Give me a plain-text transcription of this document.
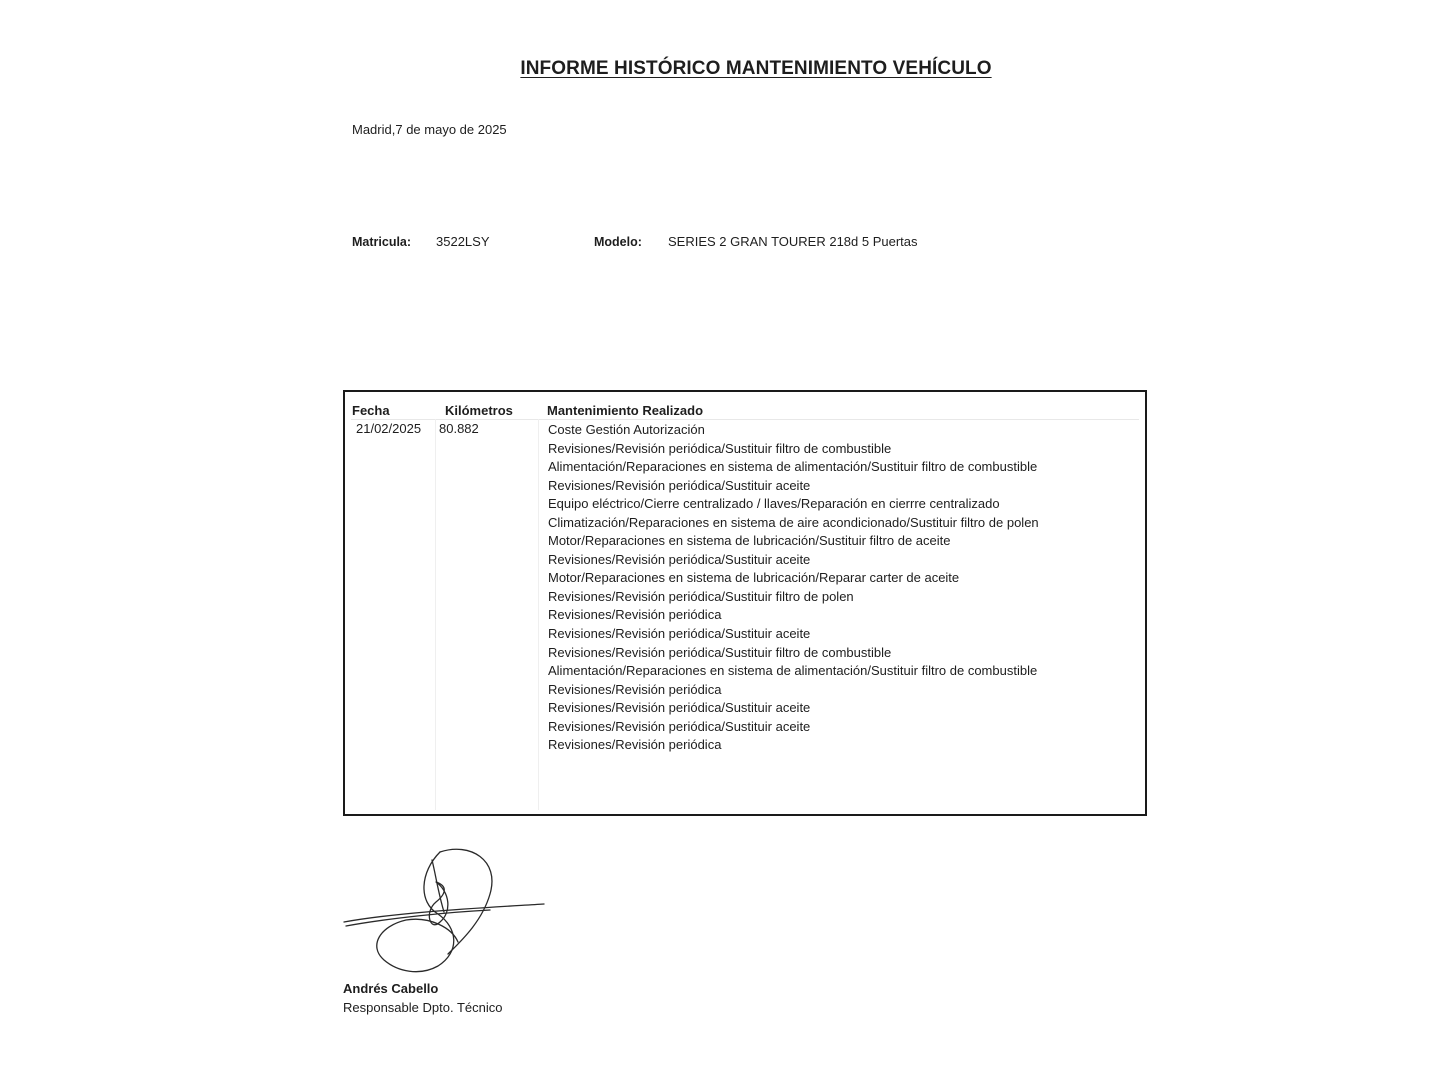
INFORME HISTÓRICO MANTENIMIENTO VEHÍCULO
Madrid,7 de mayo de 2025
Matricula: 3522LSY	Modelo: SERIES 2 GRAN TOURER 218d 5 Puertas
Fecha	Kilómetros	Mantenimiento Realizado
21/02/2025 80.882	Coste Gestión Autorización
Revisiones/Revisión periódica/Sustituir filtro de combustible
Alimentación/Reparaciones en sistema de alimentación/Sustituir filtro de combustible
Revisiones/Revisión periódica/Sustituir aceite
Equipo eléctrico/Cierre centralizado / llaves/Reparación en cierrre centralizado
Climatización/Reparaciones en sistema de aire acondicionado/Sustituir filtro de polen
Motor/Reparaciones en sistema de lubricación/Sustituir filtro de aceite
Revisiones/Revisión periódica/Sustituir aceite
Motor/Reparaciones en sistema de lubricación/Reparar carter de aceite
Revisiones/Revisión periódica/Sustituir filtro de polen
Revisiones/Revisión periódica
Revisiones/Revisión periódica/Sustituir aceite
Revisiones/Revisión periódica/Sustituir filtro de combustible
Alimentación/Reparaciones en sistema de alimentación/Sustituir filtro de combustible
Revisiones/Revisión periódica
Revisiones/Revisión periódica/Sustituir aceite
Revisiones/Revisión periódica/Sustituir aceite
Revisiones/Revisión periódica
Andrés Cabello
Responsable Dpto. Técnico
